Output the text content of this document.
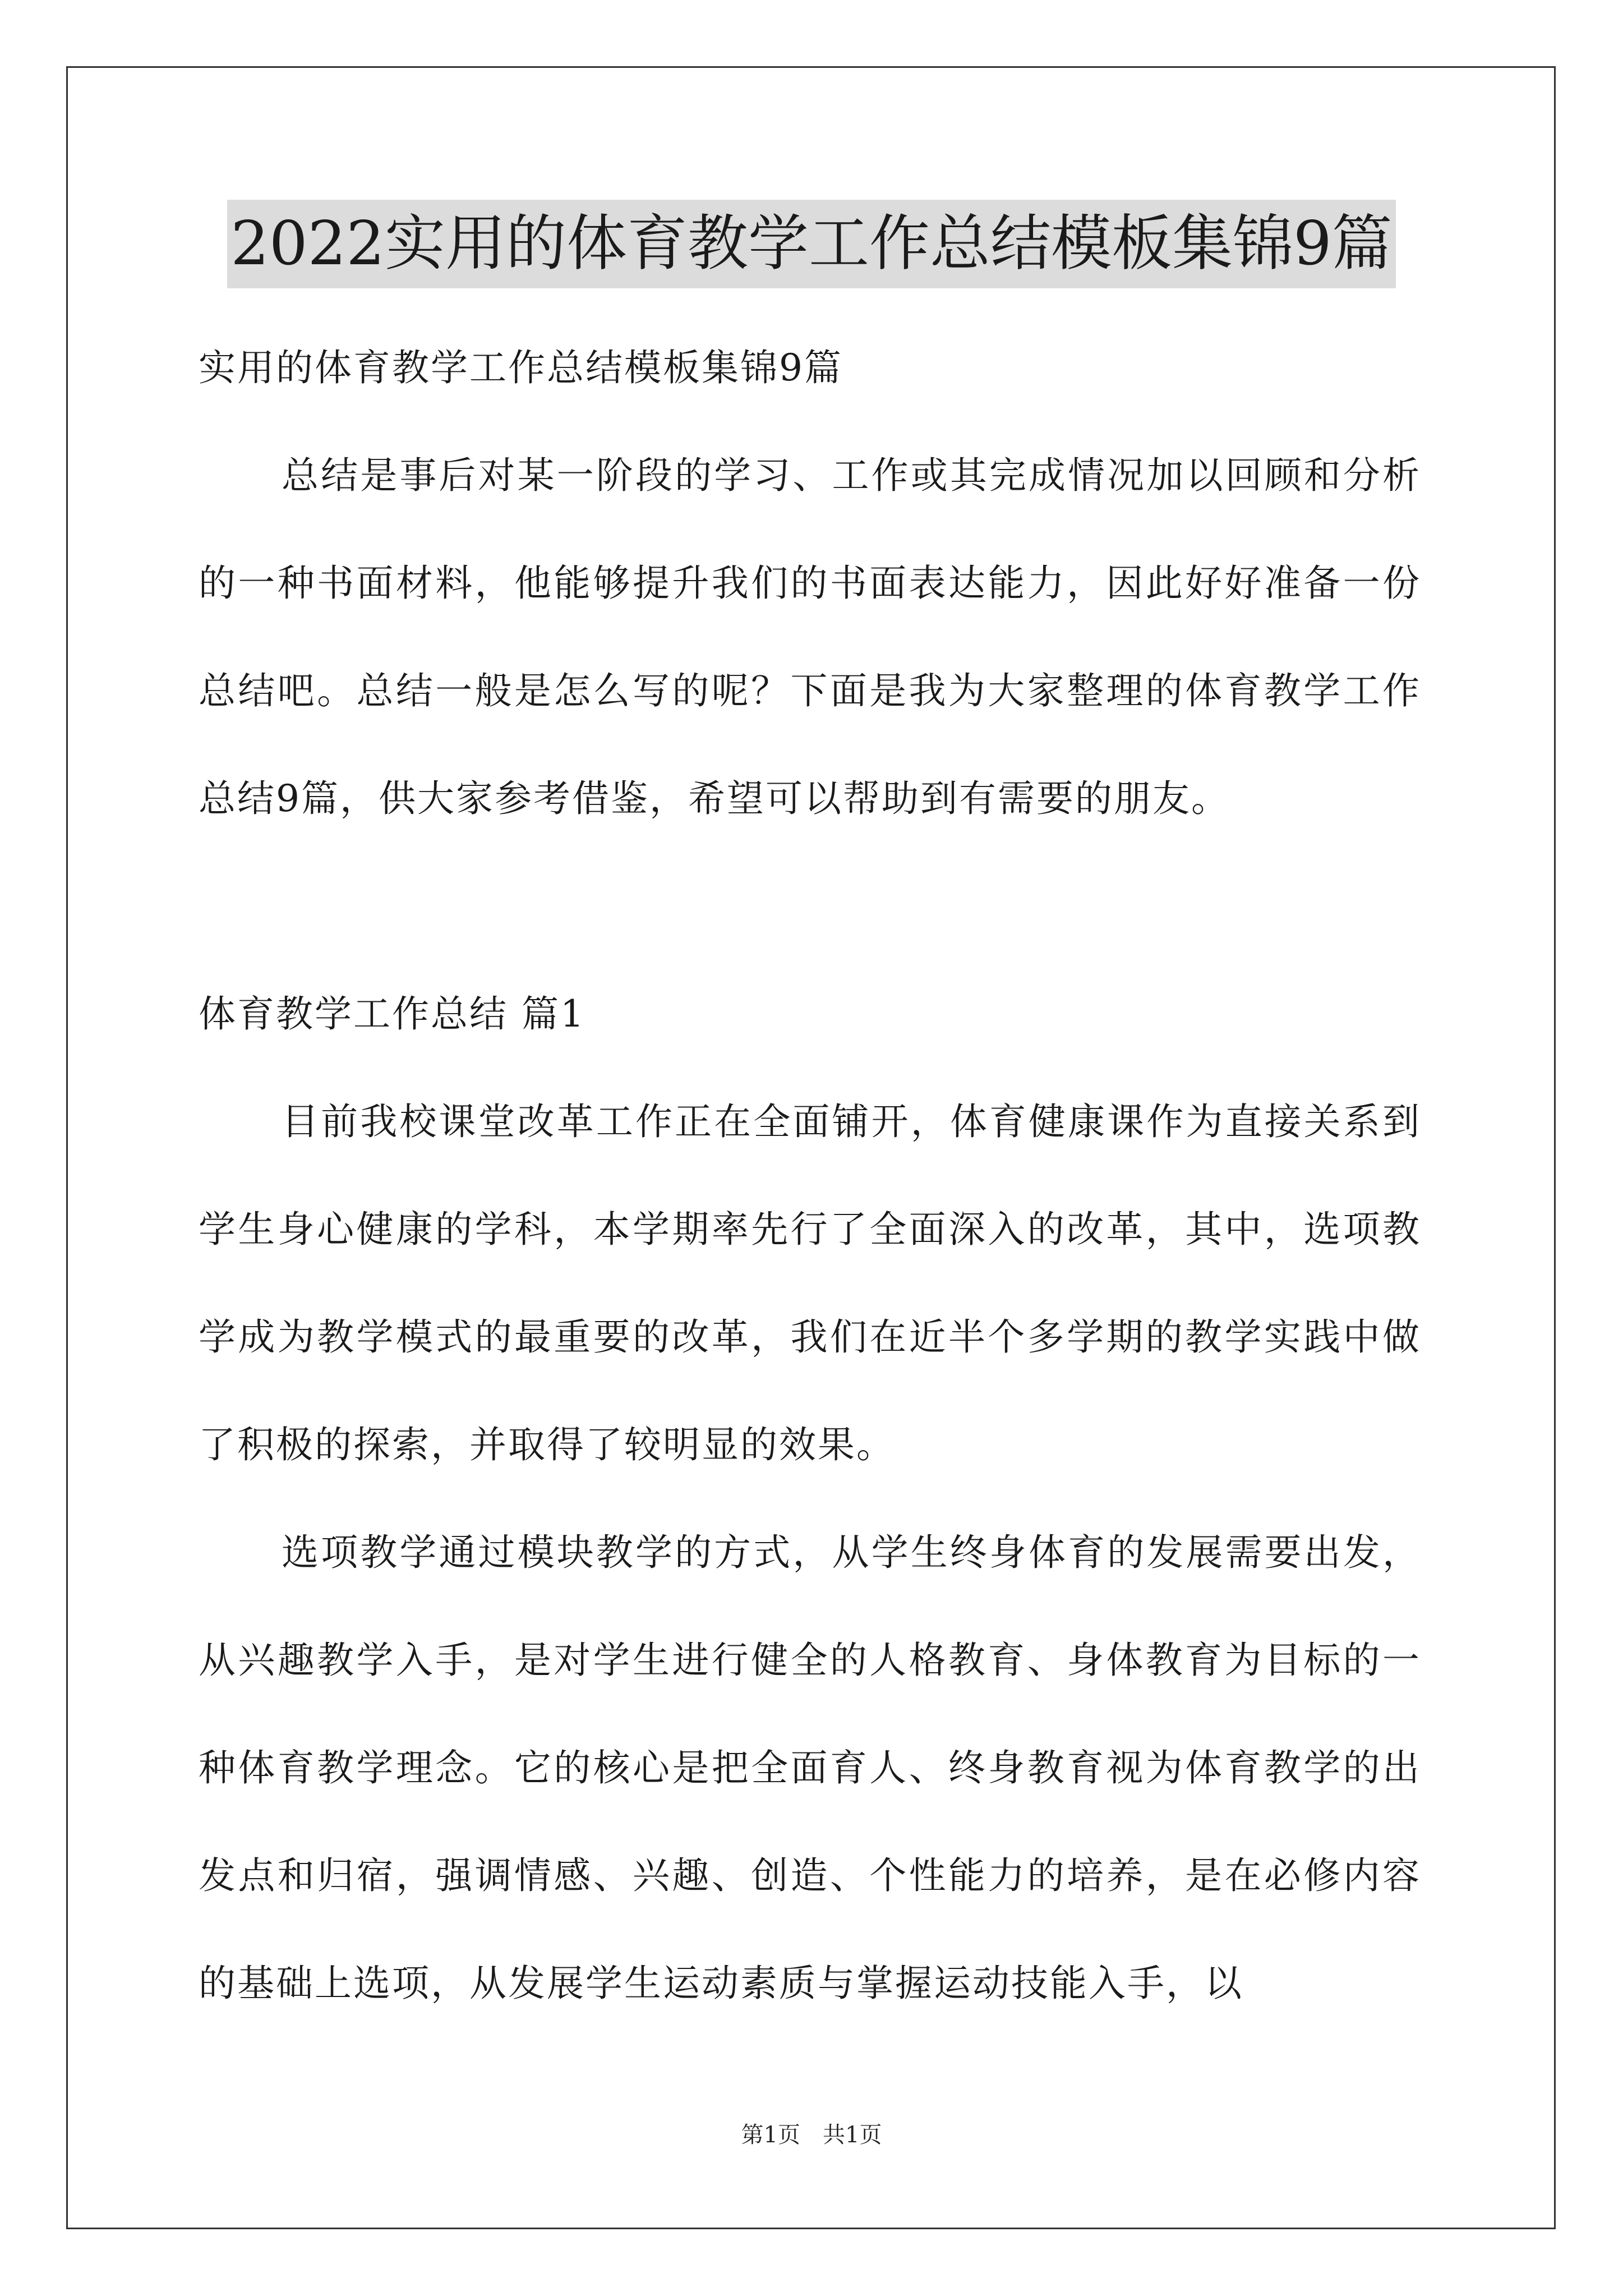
2022实用的体育教学工作总结模板集锦9篇

实用的体育教学工作总结模板集锦9篇

总结是事后对某一阶段的学习、工作或其完成情况加以回顾和分析的一种书面材料，他能够提升我们的书面表达能力，因此好好准备一份总结吧。总结一般是怎么写的呢？下面是我为大家整理的体育教学工作总结9篇，供大家参考借鉴，希望可以帮助到有需要的朋友。

体育教学工作总结 篇1

目前我校课堂改革工作正在全面铺开，体育健康课作为直接关系到学生身心健康的学科，本学期率先行了全面深入的改革，其中，选项教学成为教学模式的最重要的改革，我们在近半个多学期的教学实践中做了积极的探索，并取得了较明显的效果。

选项教学通过模块教学的方式，从学生终身体育的发展需要出发，从兴趣教学入手，是对学生进行健全的人格教育、身体教育为目标的一种体育教学理念。它的核心是把全面育人、终身教育视为体育教学的出发点和归宿，强调情感、兴趣、创造、个性能力的培养，是在必修内容的基础上选项，从发展学生运动素质与掌握运动技能入手，以

第1页　共1页
